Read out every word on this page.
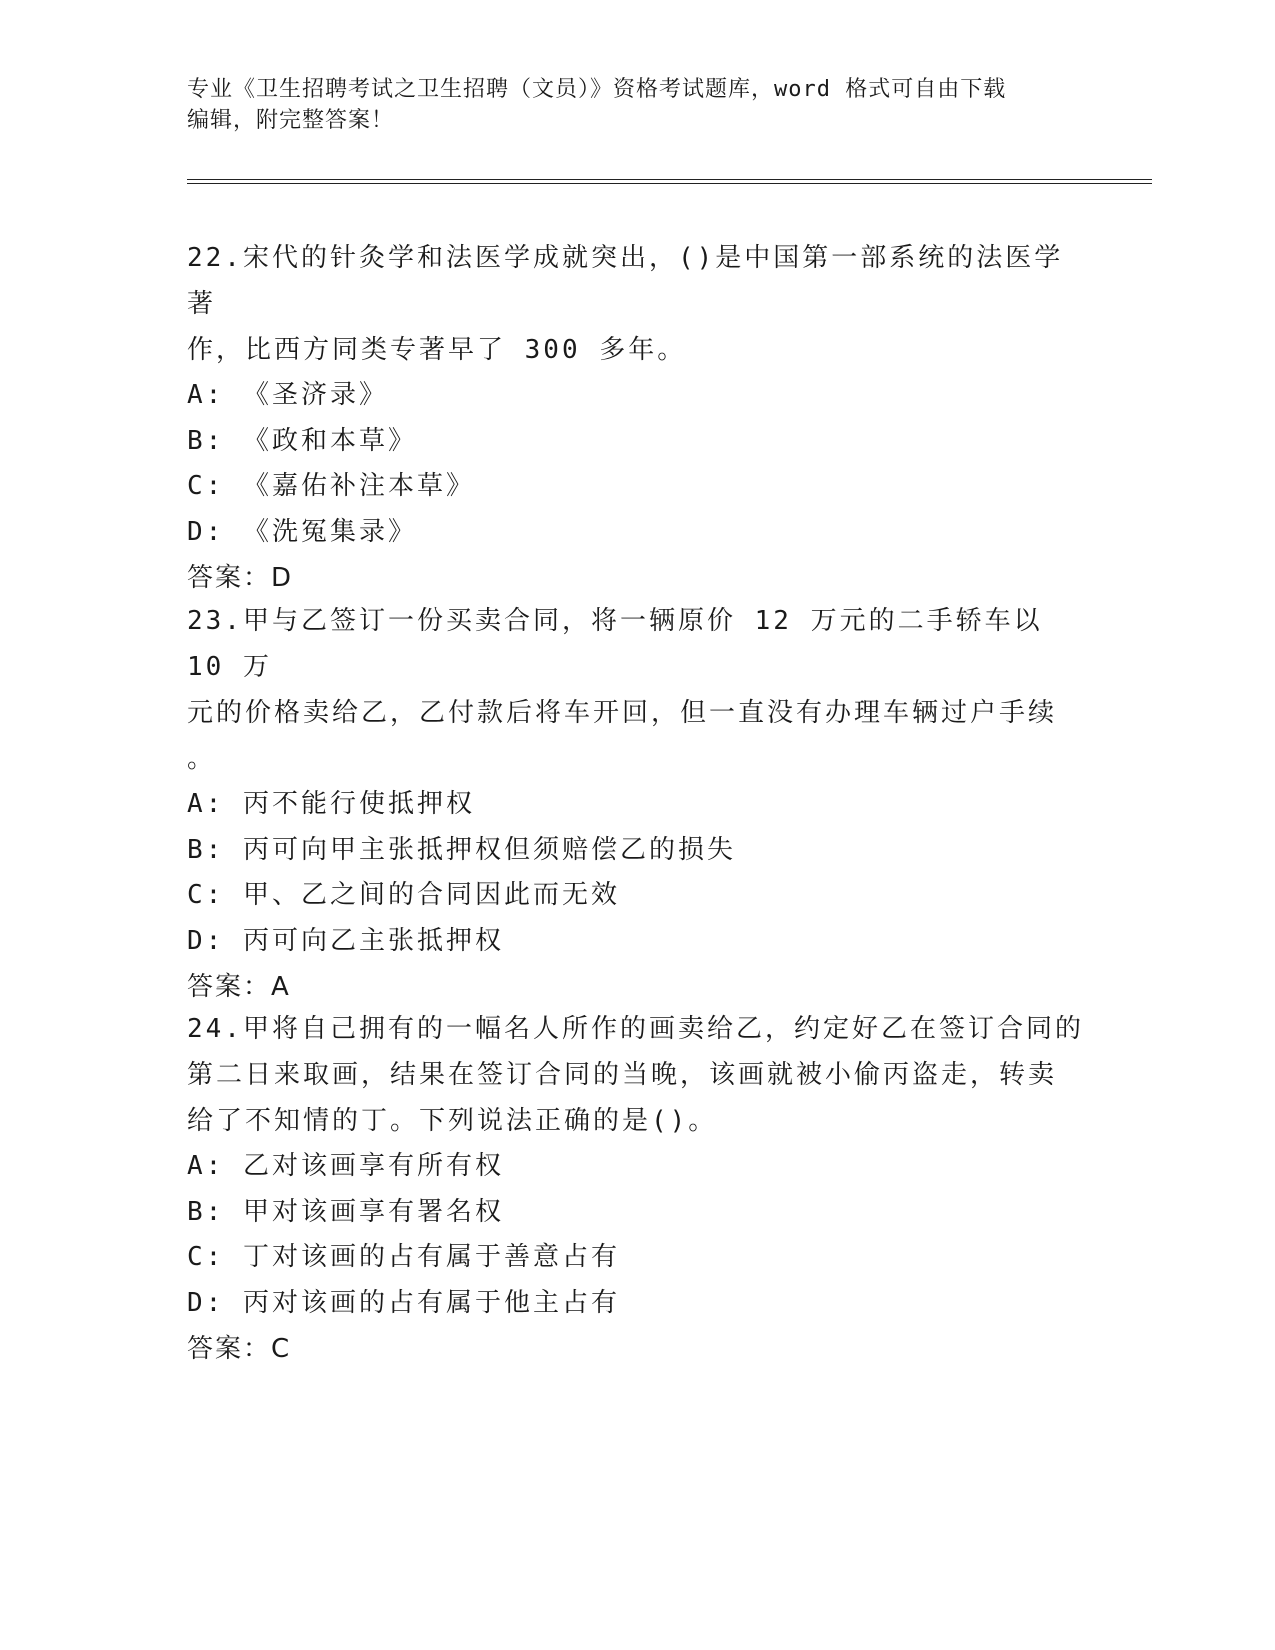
专业《卫生招聘考试之卫生招聘（文员）》资格考试题库，word 格式可自由下载
编辑，附完整答案！
22.宋代的针灸学和法医学成就突出，()是中国第一部系统的法医学著
作，比西方同类专著早了 300 多年。
A: 《圣济录》
B: 《政和本草》
C: 《嘉佑补注本草》
D: 《洗冤集录》
答案：D
23.甲与乙签订一份买卖合同，将一辆原价 12 万元的二手轿车以 10 万
元的价格卖给乙，乙付款后将车开回，但一直没有办理车辆过户手续
。
A: 丙不能行使抵押权
B: 丙可向甲主张抵押权但须赔偿乙的损失
C: 甲、乙之间的合同因此而无效
D: 丙可向乙主张抵押权
答案：A
24.甲将自己拥有的一幅名人所作的画卖给乙，约定好乙在签订合同的
第二日来取画，结果在签订合同的当晚，该画就被小偷丙盗走，转卖
给了不知情的丁。下列说法正确的是()。
A: 乙对该画享有所有权
B: 甲对该画享有署名权
C: 丁对该画的占有属于善意占有
D: 丙对该画的占有属于他主占有
答案：C
